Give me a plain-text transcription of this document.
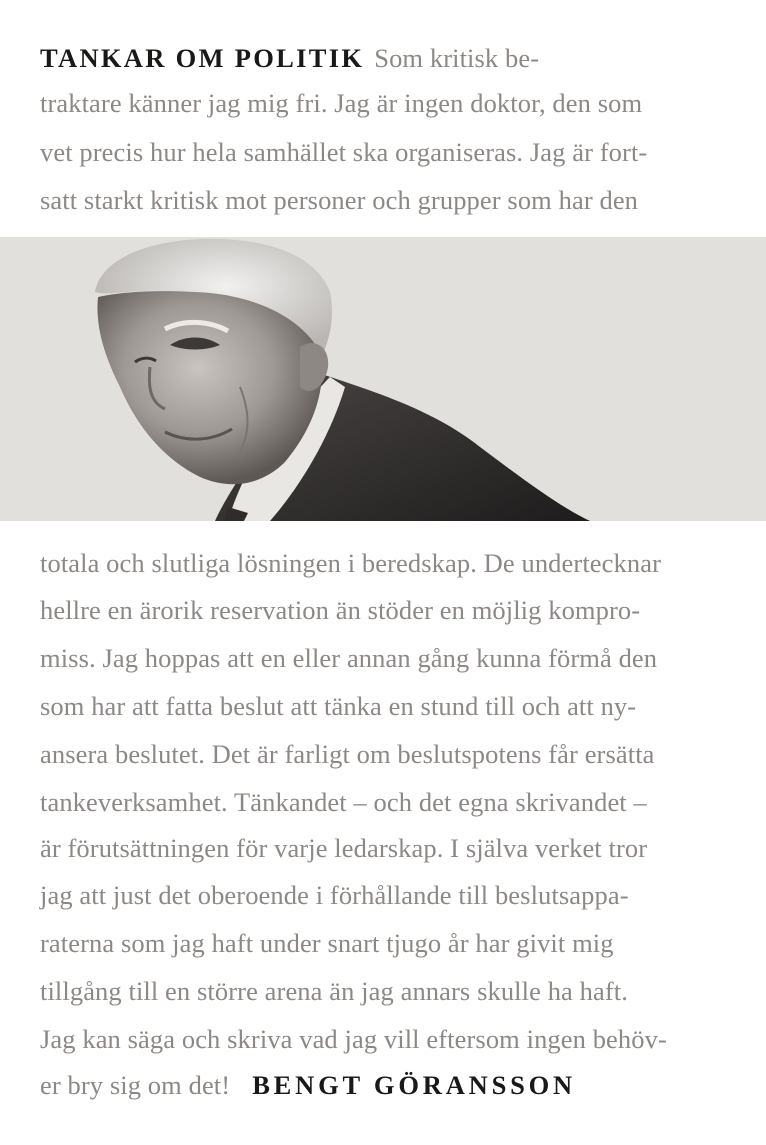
TANKAR OM POLITIK Som kritisk be-
traktare känner jag mig fri. Jag är ingen doktor, den som
vet precis hur hela samhället ska organiseras. Jag är fort-
satt starkt kritisk mot personer och grupper som har den
totala och slutliga lösningen i beredskap. De undertecknar
hellre en ärorik reservation än stöder en möjlig kompro-
miss. Jag hoppas att en eller annan gång kunna förmå den
som har att fatta beslut att tänka en stund till och att ny-
ansera beslutet. Det är farligt om beslutspotens får ersätta
tankeverksamhet. Tänkandet – och det egna skrivandet –
är förutsättningen för varje ledarskap. I själva verket tror
jag att just det oberoende i förhållande till beslutsappa-
raterna som jag haft under snart tjugo år har givit mig
tillgång till en större arena än jag annars skulle ha haft.
Jag kan säga och skriva vad jag vill eftersom ingen behöv-
er bry sig om det! BENGT GÖRANSSON
